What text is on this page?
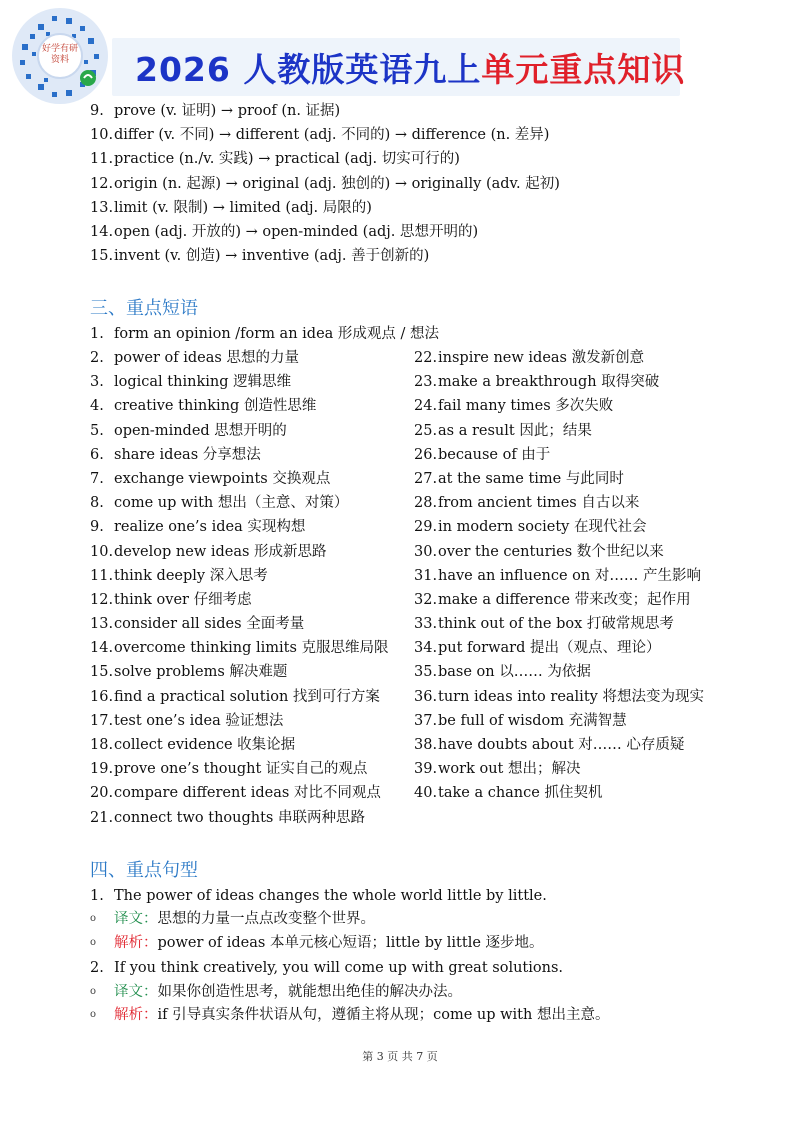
好学有研
资料	2026 人教版英语九上单元重点知识
9. prove (v. 证明) → proof (n. 证据)
10.differ (v. 不同) → different (adj. 不同的) → difference (n. 差异)
11.practice (n./v. 实践) → practical (adj. 切实可行的)
12.origin (n. 起源) → original (adj. 独创的) → originally (adv. 起初)
13.limit (v. 限制) → limited (adj. 局限的)
14.open (adj. 开放的) → open-minded (adj. 思想开明的)
15.invent (v. 创造) → inventive (adj. 善于创新的)
三、重点短语
1. form an opinion /form an idea 形成观点 / 想法
2. power of ideas 思想的力量
3. logical thinking 逻辑思维
4. creative thinking 创造性思维
5. open-minded 思想开明的
6. share ideas 分享想法
7. exchange viewpoints 交换观点
8. come up with 想出（主意、对策）
9. realize one’s idea 实现构想
10.develop new ideas 形成新思路
11.think deeply 深入思考
12.think over 仔细考虑
13.consider all sides 全面考量
14.overcome thinking limits 克服思维局限
15.solve problems 解决难题
16.find a practical solution 找到可行方案
17.test one’s idea 验证想法
18.collect evidence 收集论据
19.prove one’s thought 证实自己的观点
20.compare different ideas 对比不同观点
21.connect two thoughts 串联两种思路
22.inspire new ideas 激发新创意
23.make a breakthrough 取得突破
24.fail many times 多次失败
25.as a result 因此；结果
26.because of 由于
27.at the same time 与此同时
28.from ancient times 自古以来
29.in modern society 在现代社会
30.over the centuries 数个世纪以来
31.have an influence on 对…… 产生影响
32.make a difference 带来改变；起作用
33.think out of the box 打破常规思考
34.put forward 提出（观点、理论）
35.base on 以…… 为依据
36.turn ideas into reality 将想法变为现实
37.be full of wisdom 充满智慧
38.have doubts about 对…… 心存质疑
39.work out 想出；解决
40.take a chance 抓住契机
四、重点句型
1. The power of ideas changes the whole world little by little.
o 译文：思想的力量一点点改变整个世界。
o 解析：power of ideas 本单元核心短语；little by little 逐步地。
2. If you think creatively, you will come up with great solutions.
o 译文：如果你创造性思考，就能想出绝佳的解决办法。
o 解析：if 引导真实条件状语从句，遵循主将从现；come up with 想出主意。
第 3 页 共 7 页
